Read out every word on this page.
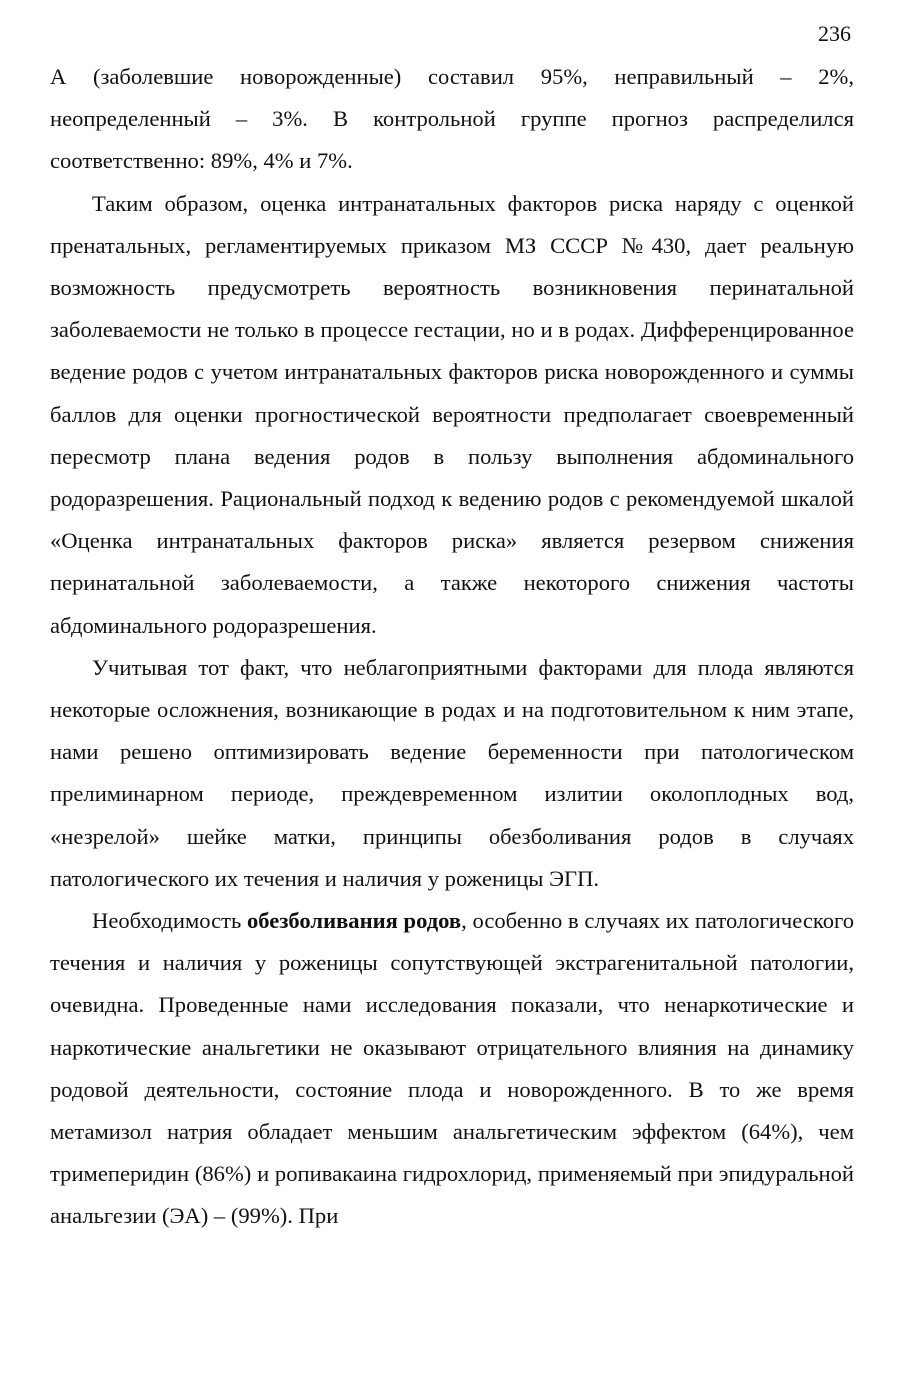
236

А (заболевшие новорожденные) составил 95%, неправильный – 2%, неопределенный – 3%. В контрольной группе прогноз распределился соответственно: 89%, 4% и 7%.

Таким образом, оценка интранатальных факторов риска наряду с оценкой пренатальных, регламентируемых приказом МЗ СССР №430, дает реальную возможность предусмотреть вероятность возникновения перинатальной заболеваемости не только в процессе гестации, но и в родах. Дифференцированное ведение родов с учетом интранатальных факторов риска новорожденного и суммы баллов для оценки прогностической вероятности предполагает своевременный пересмотр плана ведения родов в пользу выполнения абдоминального родоразрешения. Рациональный подход к ведению родов с рекомендуемой шкалой «Оценка интранатальных факторов риска» является резервом снижения перинатальной заболеваемости, а также некоторого снижения частоты абдоминального родоразрешения.

Учитывая тот факт, что неблагоприятными факторами для плода являются некоторые осложнения, возникающие в родах и на подготовительном к ним этапе, нами решено оптимизировать ведение беременности при патологическом прелиминарном периоде, преждевременном излитии околоплодных вод, «незрелой» шейке матки, принципы обезболивания родов в случаях патологического их течения и наличия у роженицы ЭГП.

Необходимость обезболивания родов, особенно в случаях их патологического течения и наличия у роженицы сопутствующей экстрагенитальной патологии, очевидна. Проведенные нами исследования показали, что ненаркотические и наркотические анальгетики не оказывают отрицательного влияния на динамику родовой деятельности, состояние плода и новорожденного. В то же время метамизол натрия обладает меньшим анальгетическим эффектом (64%), чем тримеперидин (86%) и ропивакаина гидрохлорид, применяемый при эпидуральной анальгезии (ЭА) – (99%). При
